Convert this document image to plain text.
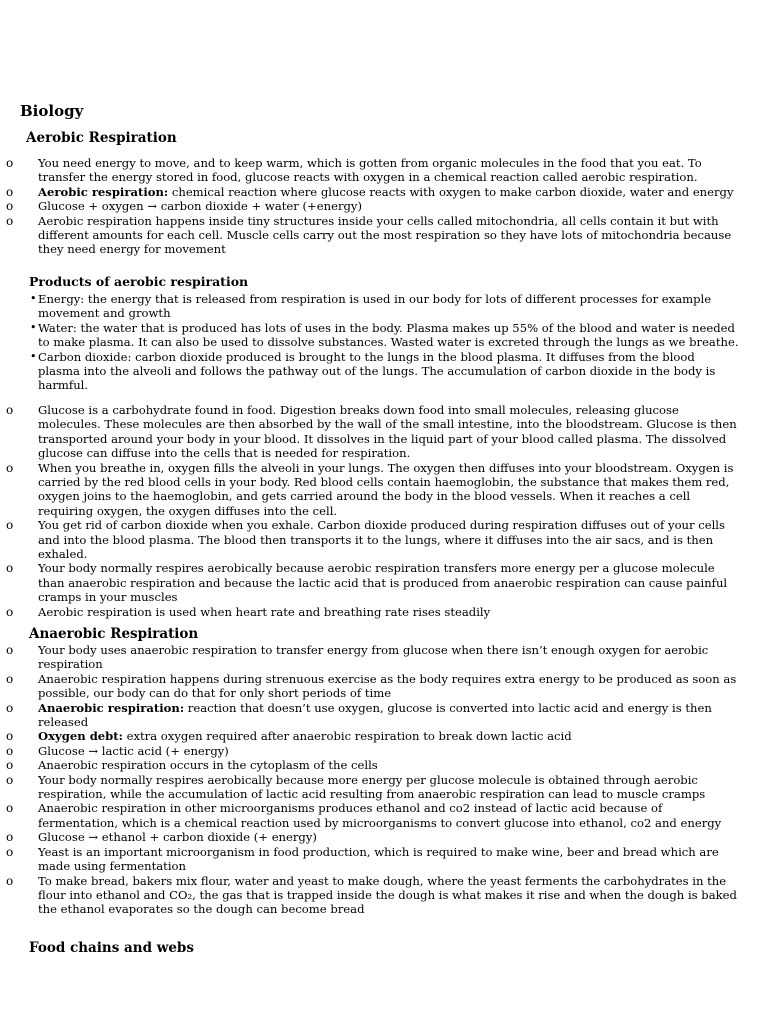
Biology
Aerobic Respiration
o You need energy to move, and to keep warm, which is gotten from organic molecules in the food that you eat. To transfer the energy stored in food, glucose reacts with oxygen in a chemical reaction called aerobic respiration.
o Aerobic respiration: chemical reaction where glucose reacts with oxygen to make carbon dioxide, water and energy
o Glucose + oxygen → carbon dioxide + water (+energy)
o Aerobic respiration happens inside tiny structures inside your cells called mitochondria, all cells contain it but with different amounts for each cell. Muscle cells carry out the most respiration so they have lots of mitochondria because they need energy for movement
Products of aerobic respiration
• Energy: the energy that is released from respiration is used in our body for lots of different processes for example movement and growth
• Water: the water that is produced has lots of uses in the body. Plasma makes up 55% of the blood and water is needed to make plasma. It can also be used to dissolve substances. Wasted water is excreted through the lungs as we breathe.
• Carbon dioxide: carbon dioxide produced is brought to the lungs in the blood plasma. It diffuses from the blood plasma into the alveoli and follows the pathway out of the lungs. The accumulation of carbon dioxide in the body is harmful.
o Glucose is a carbohydrate found in food. Digestion breaks down food into small molecules, releasing glucose molecules. These molecules are then absorbed by the wall of the small intestine, into the bloodstream. Glucose is then transported around your body in your blood. It dissolves in the liquid part of your blood called plasma. The dissolved glucose can diffuse into the cells that is needed for respiration.
o When you breathe in, oxygen fills the alveoli in your lungs. The oxygen then diffuses into your bloodstream. Oxygen is carried by the red blood cells in your body. Red blood cells contain haemoglobin, the substance that makes them red, oxygen joins to the haemoglobin, and gets carried around the body in the blood vessels. When it reaches a cell requiring oxygen, the oxygen diffuses into the cell.
o You get rid of carbon dioxide when you exhale. Carbon dioxide produced during respiration diffuses out of your cells and into the blood plasma. The blood then transports it to the lungs, where it diffuses into the air sacs, and is then exhaled.
o Your body normally respires aerobically because aerobic respiration transfers more energy per a glucose molecule than anaerobic respiration and because the lactic acid that is produced from anaerobic respiration can cause painful cramps in your muscles
o Aerobic respiration is used when heart rate and breathing rate rises steadily
Anaerobic Respiration
o Your body uses anaerobic respiration to transfer energy from glucose when there isn’t enough oxygen for aerobic respiration
o Anaerobic respiration happens during strenuous exercise as the body requires extra energy to be produced as soon as possible, our body can do that for only short periods of time
o Anaerobic respiration: reaction that doesn’t use oxygen, glucose is converted into lactic acid and energy is then released
o Oxygen debt: extra oxygen required after anaerobic respiration to break down lactic acid
o Glucose → lactic acid (+ energy)
o Anaerobic respiration occurs in the cytoplasm of the cells
o Your body normally respires aerobically because more energy per glucose molecule is obtained through aerobic respiration, while the accumulation of lactic acid resulting from anaerobic respiration can lead to muscle cramps
o Anaerobic respiration in other microorganisms produces ethanol and co2 instead of lactic acid because of fermentation, which is a chemical reaction used by microorganisms to convert glucose into ethanol, co2 and energy
o Glucose → ethanol + carbon dioxide (+ energy)
o Yeast is an important microorganism in food production, which is required to make wine, beer and bread which are made using fermentation
o To make bread, bakers mix flour, water and yeast to make dough, where the yeast ferments the carbohydrates in the flour into ethanol and CO₂, the gas that is trapped inside the dough is what makes it rise and when the dough is baked the ethanol evaporates so the dough can become bread
Food chains and webs
